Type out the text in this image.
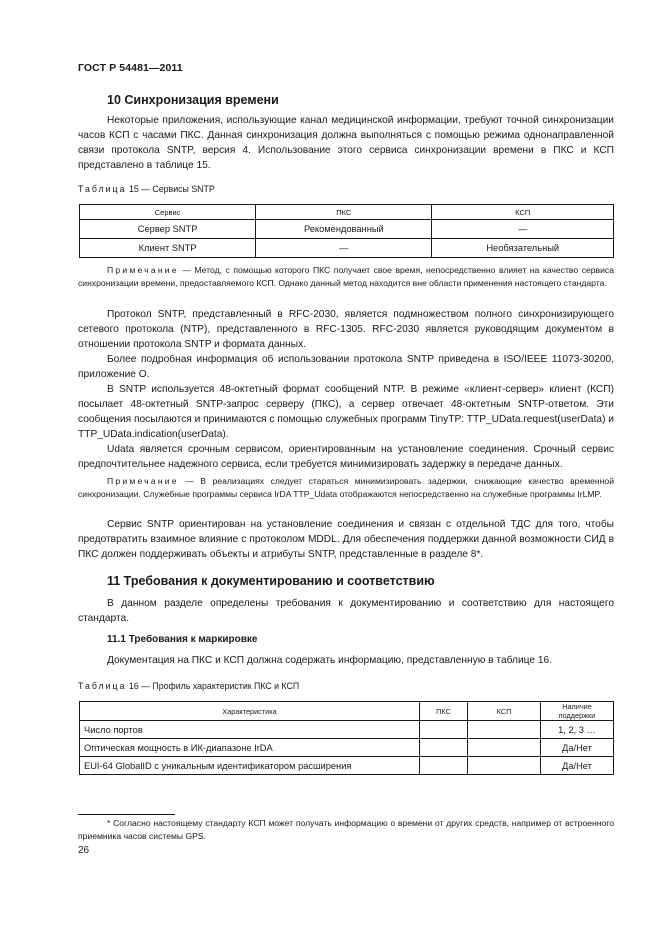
ГОСТ Р 54481—2011
10 Синхронизация времени

Некоторые приложения, использующие канал медицинской информации, требуют точной синхронизации часов КСП с часами ПКС. Данная синхронизация должна выполняться с помощью режима однонаправленной связи протокола SNTP, версия 4. Использование этого сервиса синхронизации времени в ПКС и КСП представлено в таблице 15.

Таблица 15 — Сервисы SNTP
Сервис	ПКС	КСП
Сервер SNTP	Рекомендованный	—
Клиент SNTP	—	Необязательный

Примечание — Метод, с помощью которого ПКС получает свое время, непосредственно влияет на качество сервиса синхронизации времени, предоставляемого КСП. Однако данный метод находится вне области применения настоящего стандарта.

Протокол SNTP, представленный в RFC-2030, является подмножеством полного синхронизирующего сетевого протокола (NTP), представленного в RFC-1305. RFC-2030 является руководящим документом в отношении протокола SNTP и формата данных.

Более подробная информация об использовании протокола SNTP приведена в ISO/IEEE 11073-30200, приложение О.

В SNTP используется 48-октетный формат сообщений NTP. В режиме «клиент-сервер» клиент (КСП) посылает 48-октетный SNTP-запрос серверу (ПКС), а сервер отвечает 48-октетным SNTP-ответом. Эти сообщения посылаются и принимаются с помощью служебных программ TinyTP: TTP_UData.request(userData) и TTP_UData.indication(userData).

Udata является срочным сервисом, ориентированным на установление соединения. Срочный сервис предпочтительнее надежного сервиса, если требуется минимизировать задержку в передаче данных.

Примечание — В реализациях следует стараться минимизировать задержки, снижающие качество временной синхронизации. Служебные программы сервиса IrDA TTP_Udata отображаются непосредственно на служебные программы IrLMP.

Сервис SNTP ориентирован на установление соединения и связан с отдельной ТДС для того, чтобы предотвратить взаимное влияние с протоколом MDDL. Для обеспечения поддержки данной возможности СИД в ПКС должен поддерживать объекты и атрибуты SNTP, представленные в разделе 8*.

11 Требования к документированию и соответствию

В данном разделе определены требования к документированию и соответствию для настоящего стандарта.

11.1 Требования к маркировке

Документация на ПКС и КСП должна содержать информацию, представленную в таблице 16.

Таблица 16 — Профиль характеристик ПКС и КСП
Характеристика	ПКС	КСП	Наличие поддержки
Число портов			1, 2, 3 …
Оптическая мощность в ИК-диапазоне IrDA			Да/Нет
EUI-64 GlobalID с уникальным идентификатором расширения			Да/Нет

* Согласно настоящему стандарту КСП может получать информацию о времени от других средств, например от встроенного приемника часов системы GPS.

26
